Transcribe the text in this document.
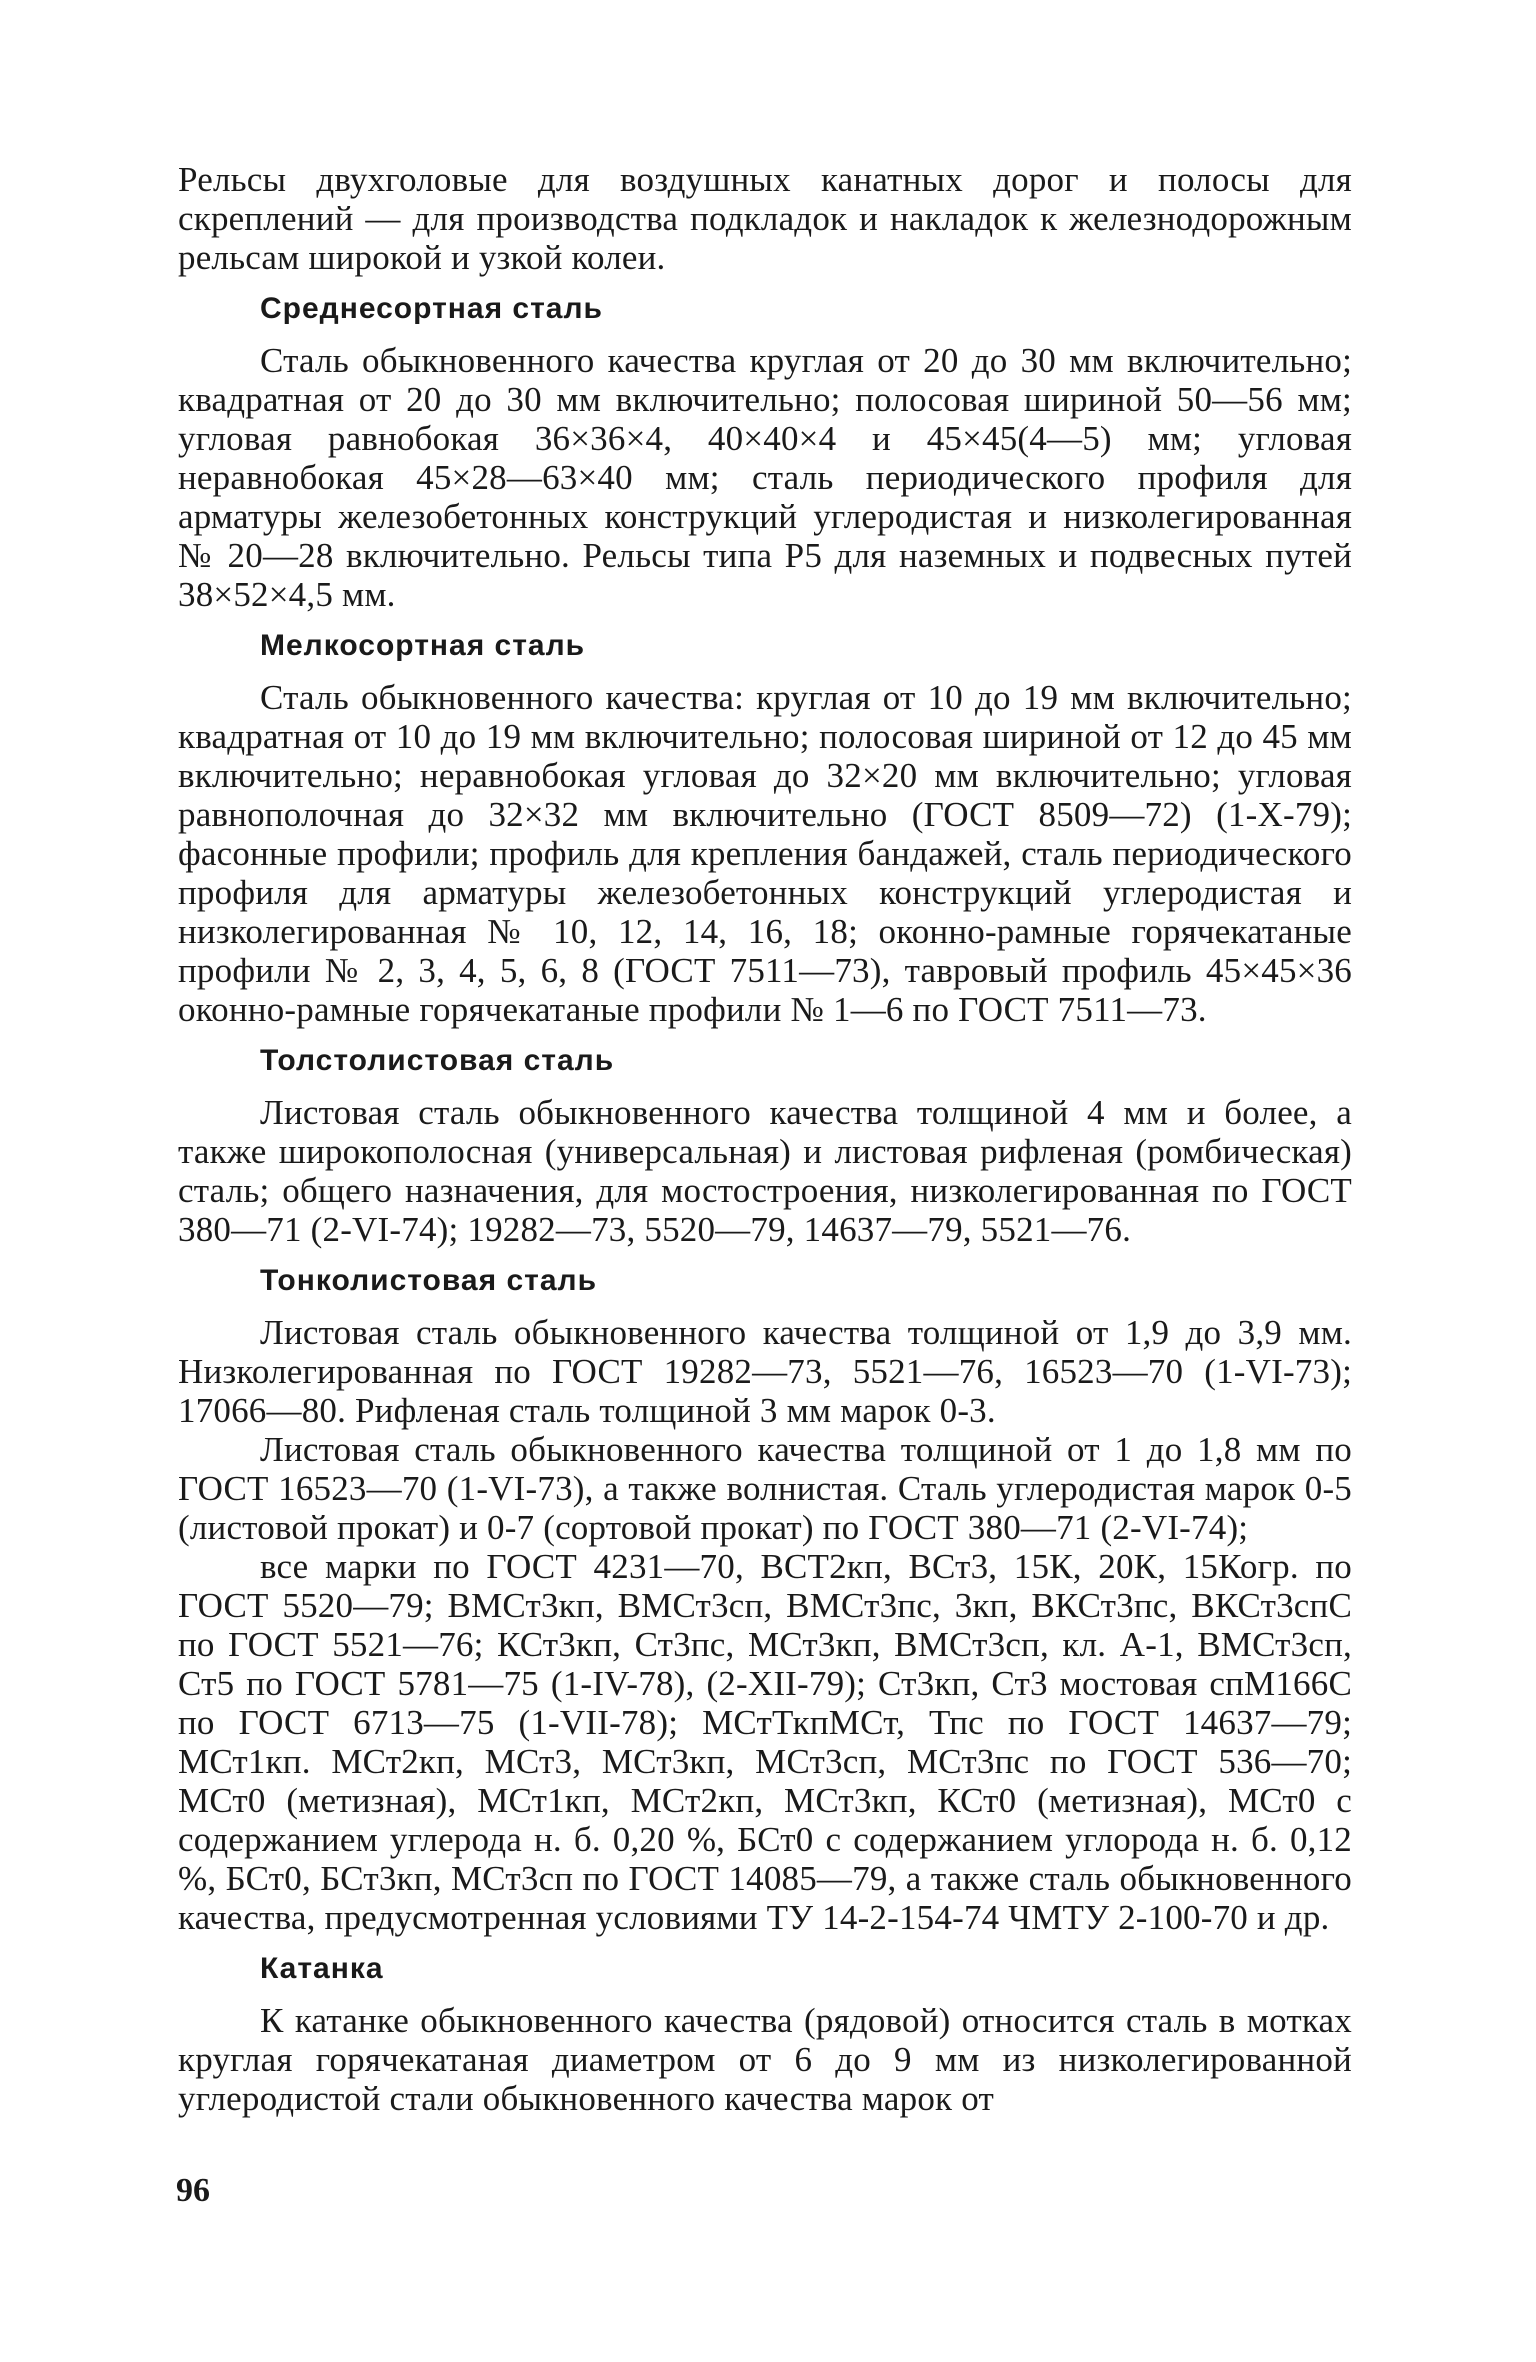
Рельсы двухголовые для воздушных канатных дорог и полосы для скреплений — для производства подкладок и накладок к железнодорожным рельсам широкой и узкой колеи.

Среднесортная сталь

Сталь обыкновенного качества круглая от 20 до 30 мм включительно; квадратная от 20 до 30 мм включительно; полосовая шириной 50—56 мм; угловая равнобокая 36×36×4, 40×40×4 и 45×45(4—5) мм; угловая неравнобокая 45×28—63×40 мм; сталь периодического профиля для арматуры железобетонных конструкций углеродистая и низколегированная № 20—28 включительно. Рельсы типа Р5 для наземных и подвесных путей 38×52×4,5 мм.

Мелкосортная сталь

Сталь обыкновенного качества: круглая от 10 до 19 мм включительно; квадратная от 10 до 19 мм включительно; полосовая шириной от 12 до 45 мм включительно; неравнобокая угловая до 32×20 мм включительно; угловая равнополочная до 32×32 мм включительно (ГОСТ 8509—72) (1-Х-79); фасонные профили; профиль для крепления бандажей, сталь периодического профиля для арматуры железобетонных конструкций углеродистая и низколегированная № 10, 12, 14, 16, 18; оконно-рамные горячекатаные профили № 2, 3, 4, 5, 6, 8 (ГОСТ 7511—73), тавровый профиль 45×45×36 оконно-рамные горячекатаные профили № 1—6 по ГОСТ 7511—73.

Толстолистовая сталь

Листовая сталь обыкновенного качества толщиной 4 мм и более, а также широкополосная (универсальная) и листовая рифленая (ромбическая) сталь; общего назначения, для мостостроения, низколегированная по ГОСТ 380—71 (2-VI-74); 19282—73, 5520—79, 14637—79, 5521—76.

Тонколистовая сталь

Листовая сталь обыкновенного качества толщиной от 1,9 до 3,9 мм. Низколегированная по ГОСТ 19282—73, 5521—76, 16523—70 (1-VI-73); 17066—80. Рифленая сталь толщиной 3 мм марок 0-3.

Листовая сталь обыкновенного качества толщиной от 1 до 1,8 мм по ГОСТ 16523—70 (1-VI-73), а также волнистая. Сталь углеродистая марок 0-5 (листовой прокат) и 0-7 (сортовой прокат) по ГОСТ 380—71 (2-VI-74);

все марки по ГОСТ 4231—70, ВСТ2кп, ВСт3, 15К, 20К, 15Когр. по ГОСТ 5520—79; ВМСт3кп, ВМСт3сп, ВМСт3пс, 3кп, ВКСт3пс, ВКСт3спС по ГОСТ 5521—76; КСт3кп, Ст3пс, МСт3кп, ВМСт3сп, кл. А-1, ВМСт3сп, Ст5 по ГОСТ 5781—75 (1-IV-78), (2-XII-79); Ст3кп, Ст3 мостовая спМ166С по ГОСТ 6713—75 (1-VII-78); МСтТкпМСт, Тпс по ГОСТ 14637—79; МСт1кп. МСт2кп, МСт3, МСт3кп, МСт3сп, МСт3пс по ГОСТ 536—70; МСт0 (метизная), МСт1кп, МСт2кп, МСт3кп, КСт0 (метизная), МСт0 с содержанием углерода н. б. 0,20 %, БСт0 с содержанием углорода н. б. 0,12 %, БСт0, БСт3кп, МСт3сп по ГОСТ 14085—79, а также сталь обыкновенного качества, предусмотренная условиями ТУ 14-2-154-74 ЧМТУ 2-100-70 и др.

Катанка

К катанке обыкновенного качества (рядовой) относится сталь в мотках круглая горячекатаная диаметром от 6 до 9 мм из низколегированной углеродистой стали обыкновенного качества марок от

96
